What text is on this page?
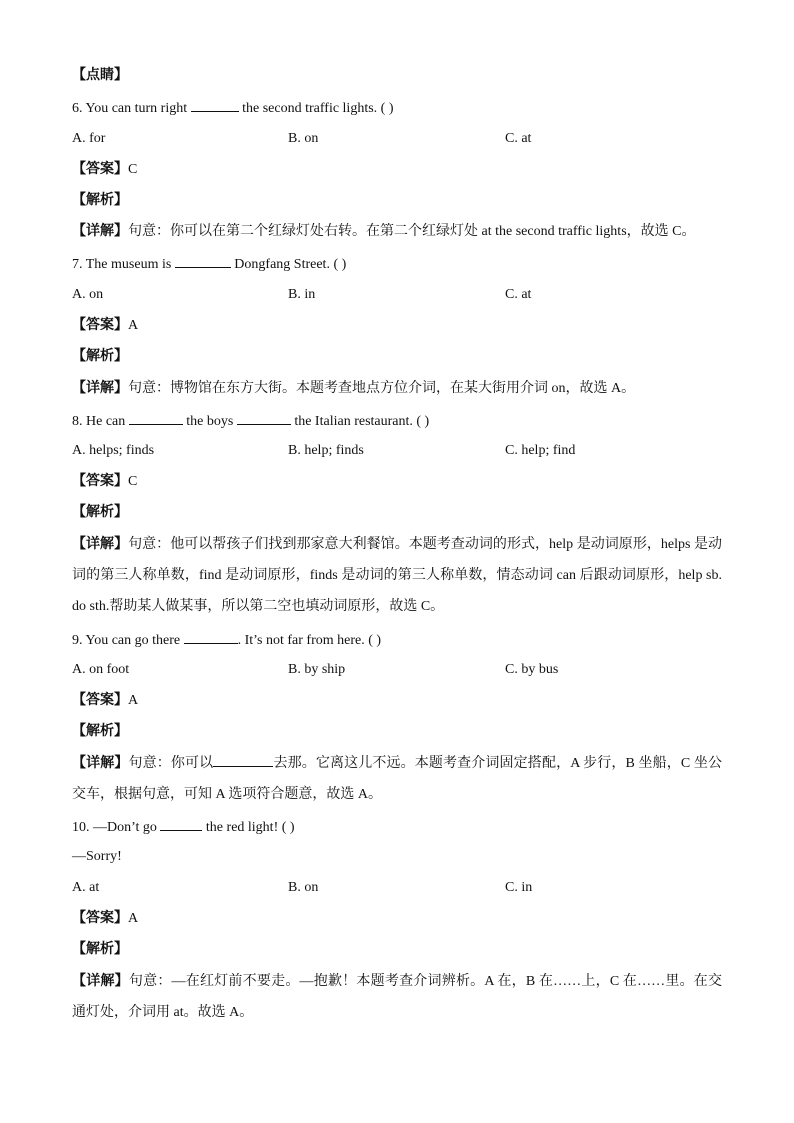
【点睛】
6. You can turn right	the second traffic lights. ( )
A. for	B. on	C. at
【答案】C
【解析】
【详解】句意：你可以在第二个红绿灯处右转。在第二个红绿灯处 at the second traffic lights，故选 C。
7. The museum is	Dongfang Street. ( )
A. on	B. in	C. at
【答案】A
【解析】
【详解】句意：博物馆在东方大街。本题考查地点方位介词，在某大街用介词 on，故选 A。
8. He can	the boys	the Italian restaurant. ( )
A. helps; finds	B. help; finds	C. help; find
【答案】C
【解析】
【详解】句意：他可以帮孩子们找到那家意大利餐馆。本题考查动词的形式，help 是动词原形，helps 是动
词的第三人称单数，find 是动词原形，finds 是动词的第三人称单数，情态动词 can 后跟动词原形，help sb.
do sth.帮助某人做某事，所以第二空也填动词原形，故选 C。
9. You can go there	. It’s not far from here. ( )
A. on foot	B. by ship	C. by bus
【答案】A
【解析】
【详解】句意：你可以	去那。它离这儿不远。本题考查介词固定搭配，A 步行，B 坐船，C 坐公
交车，根据句意，可知 A 选项符合题意，故选 A。
10. —Don’t go	the red light! ( )
—Sorry!
A. at	B. on	C. in
【答案】A
【解析】
【详解】句意：—在红灯前不要走。—抱歉！本题考查介词辨析。A 在，B 在……上，C 在……里。在交
通灯处，介词用 at。故选 A。
